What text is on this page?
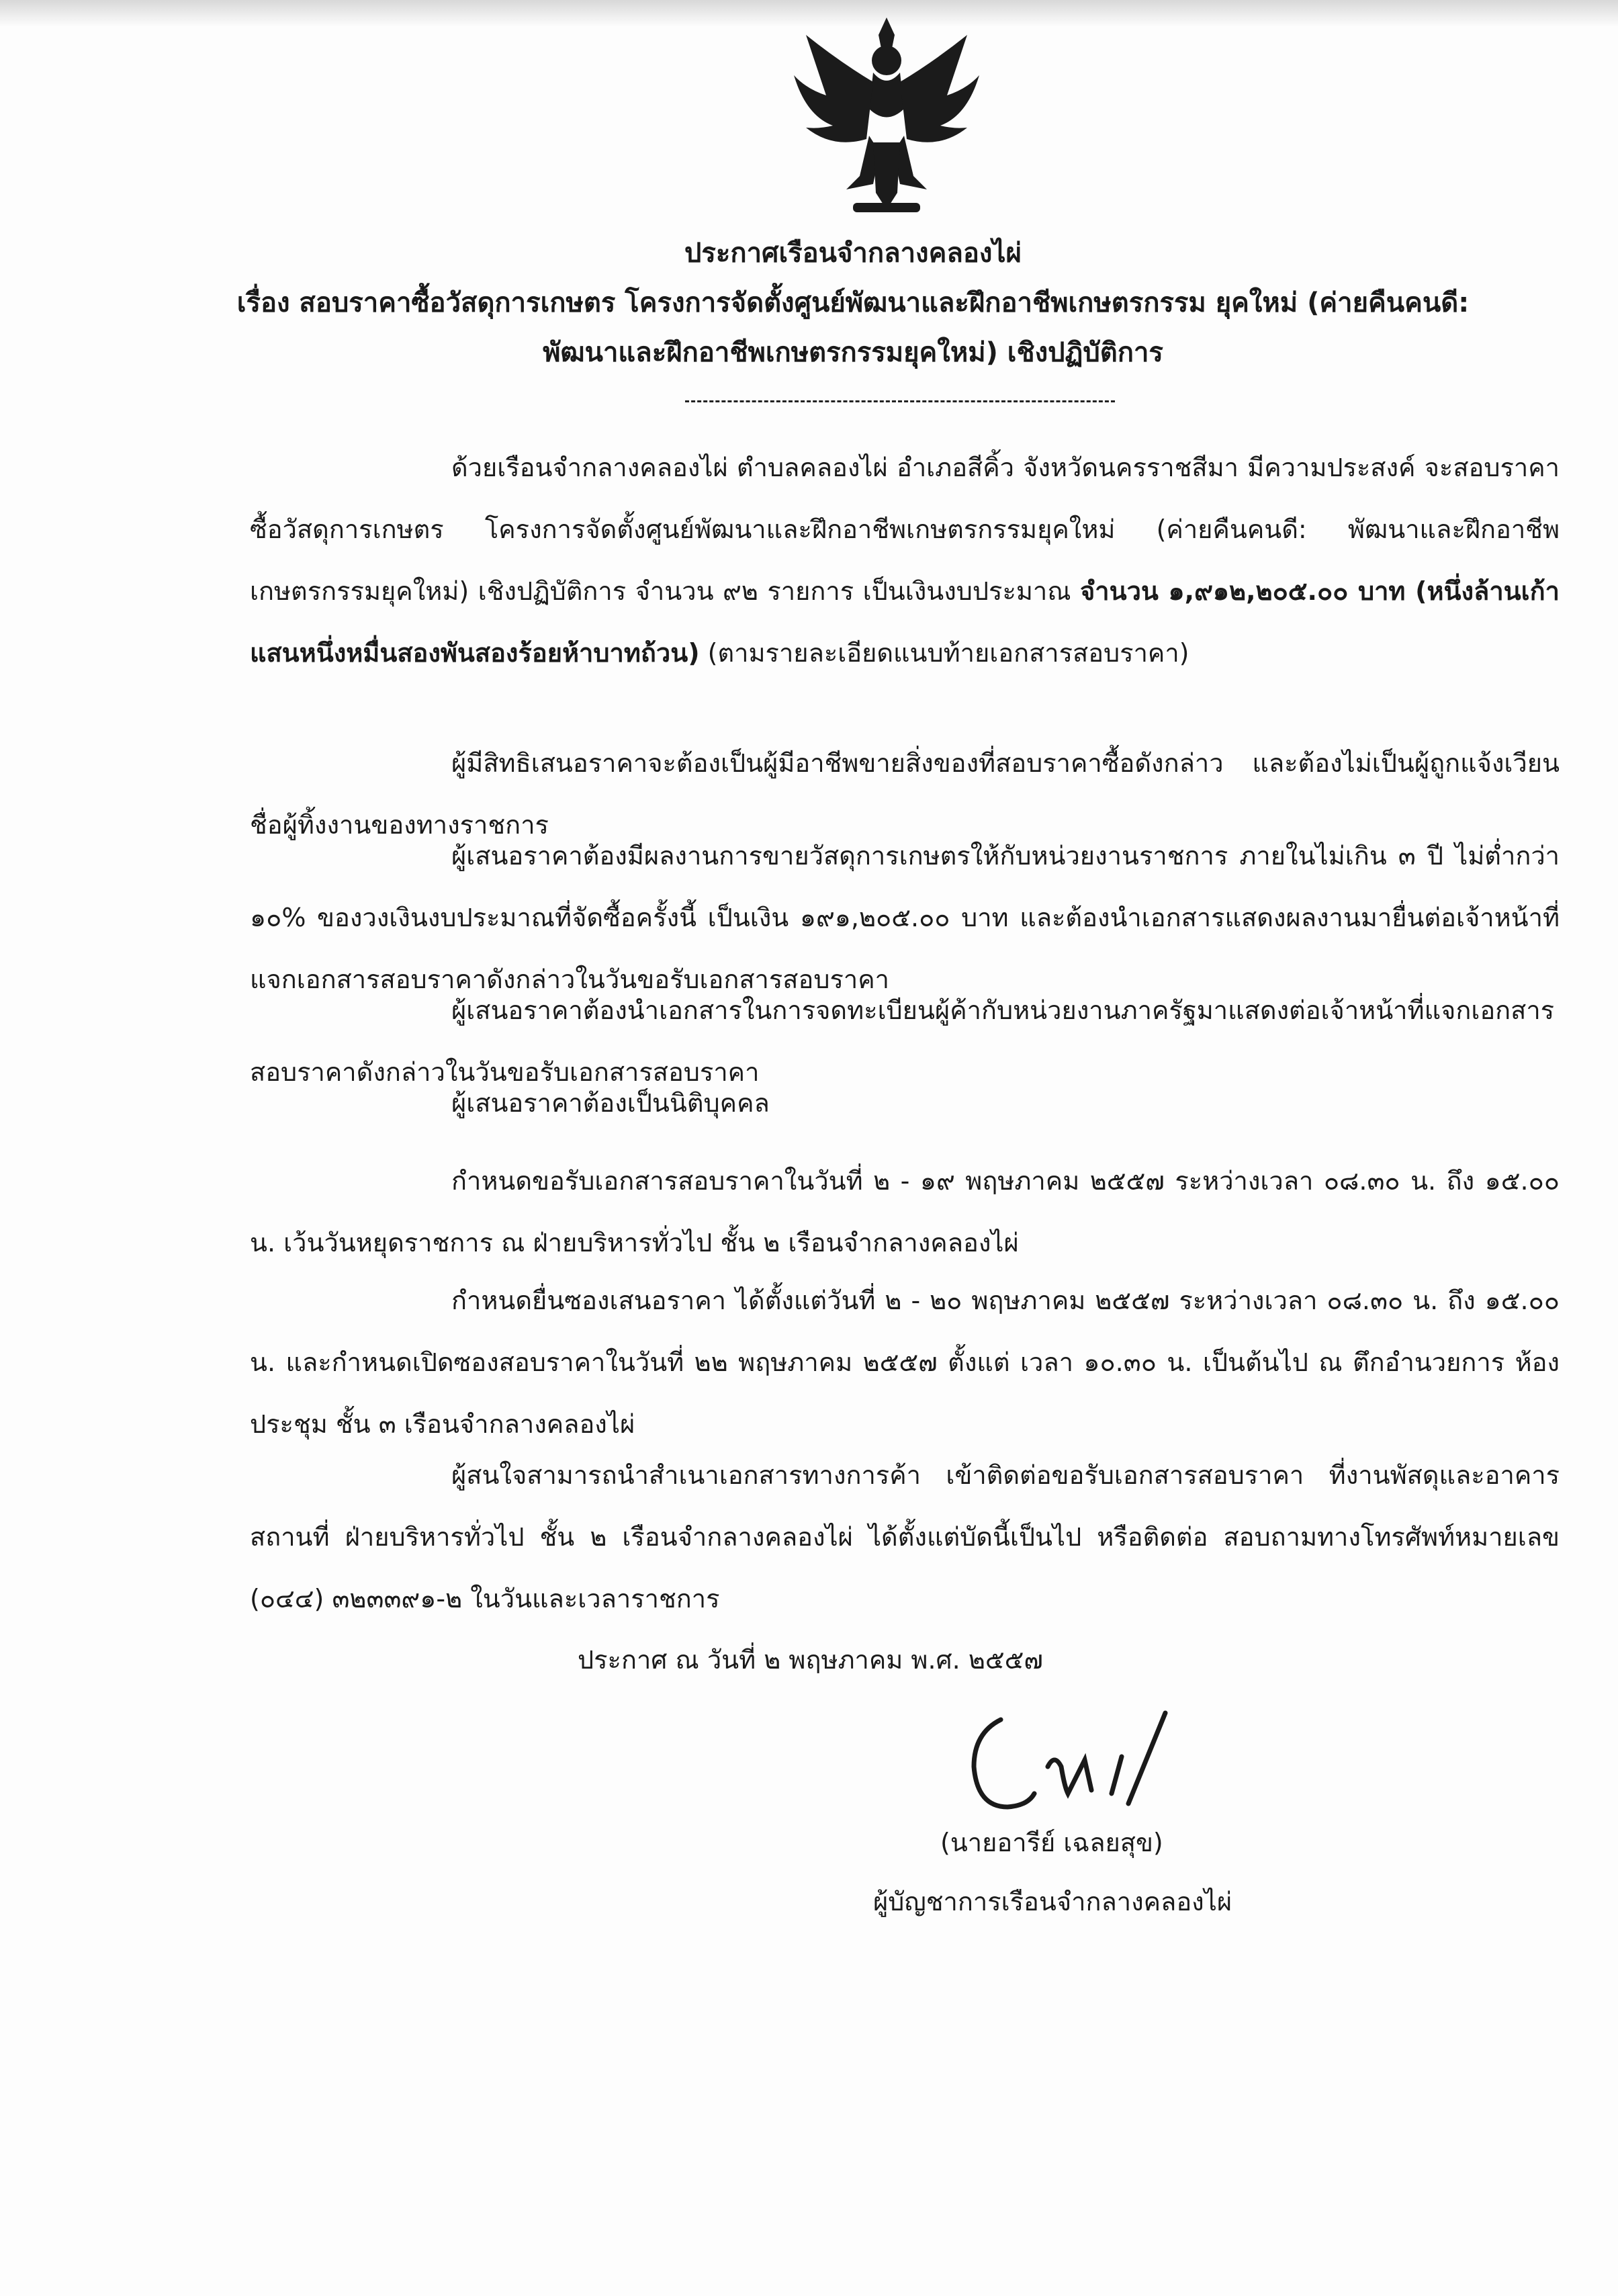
ประกาศเรือนจำกลางคลองไผ่
เรื่อง สอบราคาซื้อวัสดุการเกษตร โครงการจัดตั้งศูนย์พัฒนาและฝึกอาชีพเกษตรกรรม ยุคใหม่ (ค่ายคืนคนดี:
พัฒนาและฝึกอาชีพเกษตรกรรมยุคใหม่) เชิงปฏิบัติการ
ด้วยเรือนจำกลางคลองไผ่ ตำบลคลองไผ่ อำเภอสีคิ้ว จังหวัดนครราชสีมา มีความประสงค์ จะสอบราคาซื้อวัสดุการเกษตร โครงการจัดตั้งศูนย์พัฒนาและฝึกอาชีพเกษตรกรรมยุคใหม่ (ค่ายคืนคนดี: พัฒนาและฝึกอาชีพเกษตรกรรมยุคใหม่) เชิงปฏิบัติการ จำนวน ๙๒ รายการ เป็นเงินงบประมาณ จำนวน ๑,๙๑๒,๒๐๕.๐๐ บาท (หนึ่งล้านเก้าแสนหนึ่งหมื่นสองพันสองร้อยห้าบาทถ้วน) (ตามรายละเอียดแนบท้ายเอกสารสอบราคา)
ผู้มีสิทธิเสนอราคาจะต้องเป็นผู้มีอาชีพขายสิ่งของที่สอบราคาซื้อดังกล่าว และต้องไม่เป็นผู้ถูกแจ้งเวียนชื่อผู้ทิ้งงานของทางราชการ
ผู้เสนอราคาต้องมีผลงานการขายวัสดุการเกษตรให้กับหน่วยงานราชการ ภายในไม่เกิน ๓ ปี ไม่ต่ำกว่า ๑๐% ของวงเงินงบประมาณที่จัดซื้อครั้งนี้ เป็นเงิน ๑๙๑,๒๐๕.๐๐ บาท และต้องนำเอกสารแสดงผลงานมายื่นต่อเจ้าหน้าที่แจกเอกสารสอบราคาดังกล่าวในวันขอรับเอกสารสอบราคา
ผู้เสนอราคาต้องนำเอกสารในการจดทะเบียนผู้ค้ากับหน่วยงานภาครัฐมาแสดงต่อเจ้าหน้าที่แจกเอกสารสอบราคาดังกล่าวในวันขอรับเอกสารสอบราคา
ผู้เสนอราคาต้องเป็นนิติบุคคล
กำหนดขอรับเอกสารสอบราคาในวันที่ ๒ - ๑๙ พฤษภาคม ๒๕๕๗ ระหว่างเวลา ๐๘.๓๐ น. ถึง ๑๕.๐๐ น. เว้นวันหยุดราชการ ณ ฝ่ายบริหารทั่วไป ชั้น ๒ เรือนจำกลางคลองไผ่
กำหนดยื่นซองเสนอราคา ได้ตั้งแต่วันที่ ๒ - ๒๐ พฤษภาคม ๒๕๕๗ ระหว่างเวลา ๐๘.๓๐ น. ถึง ๑๕.๐๐ น. และกำหนดเปิดซองสอบราคาในวันที่ ๒๒ พฤษภาคม ๒๕๕๗ ตั้งแต่ เวลา ๑๐.๓๐ น. เป็นต้นไป ณ ตึกอำนวยการ ห้องประชุม ชั้น ๓ เรือนจำกลางคลองไผ่
ผู้สนใจสามารถนำสำเนาเอกสารทางการค้า เข้าติดต่อขอรับเอกสารสอบราคา ที่งานพัสดุและอาคารสถานที่ ฝ่ายบริหารทั่วไป ชั้น ๒ เรือนจำกลางคลองไผ่ ได้ตั้งแต่บัดนี้เป็นไป หรือติดต่อ สอบถามทางโทรศัพท์หมายเลข (๐๔๔) ๓๒๓๓๙๑-๒ ในวันและเวลาราชการ
ประกาศ ณ วันที่ ๒ พฤษภาคม พ.ศ. ๒๕๕๗
(นายอารีย์ เฉลยสุข)
ผู้บัญชาการเรือนจำกลางคลองไผ่
